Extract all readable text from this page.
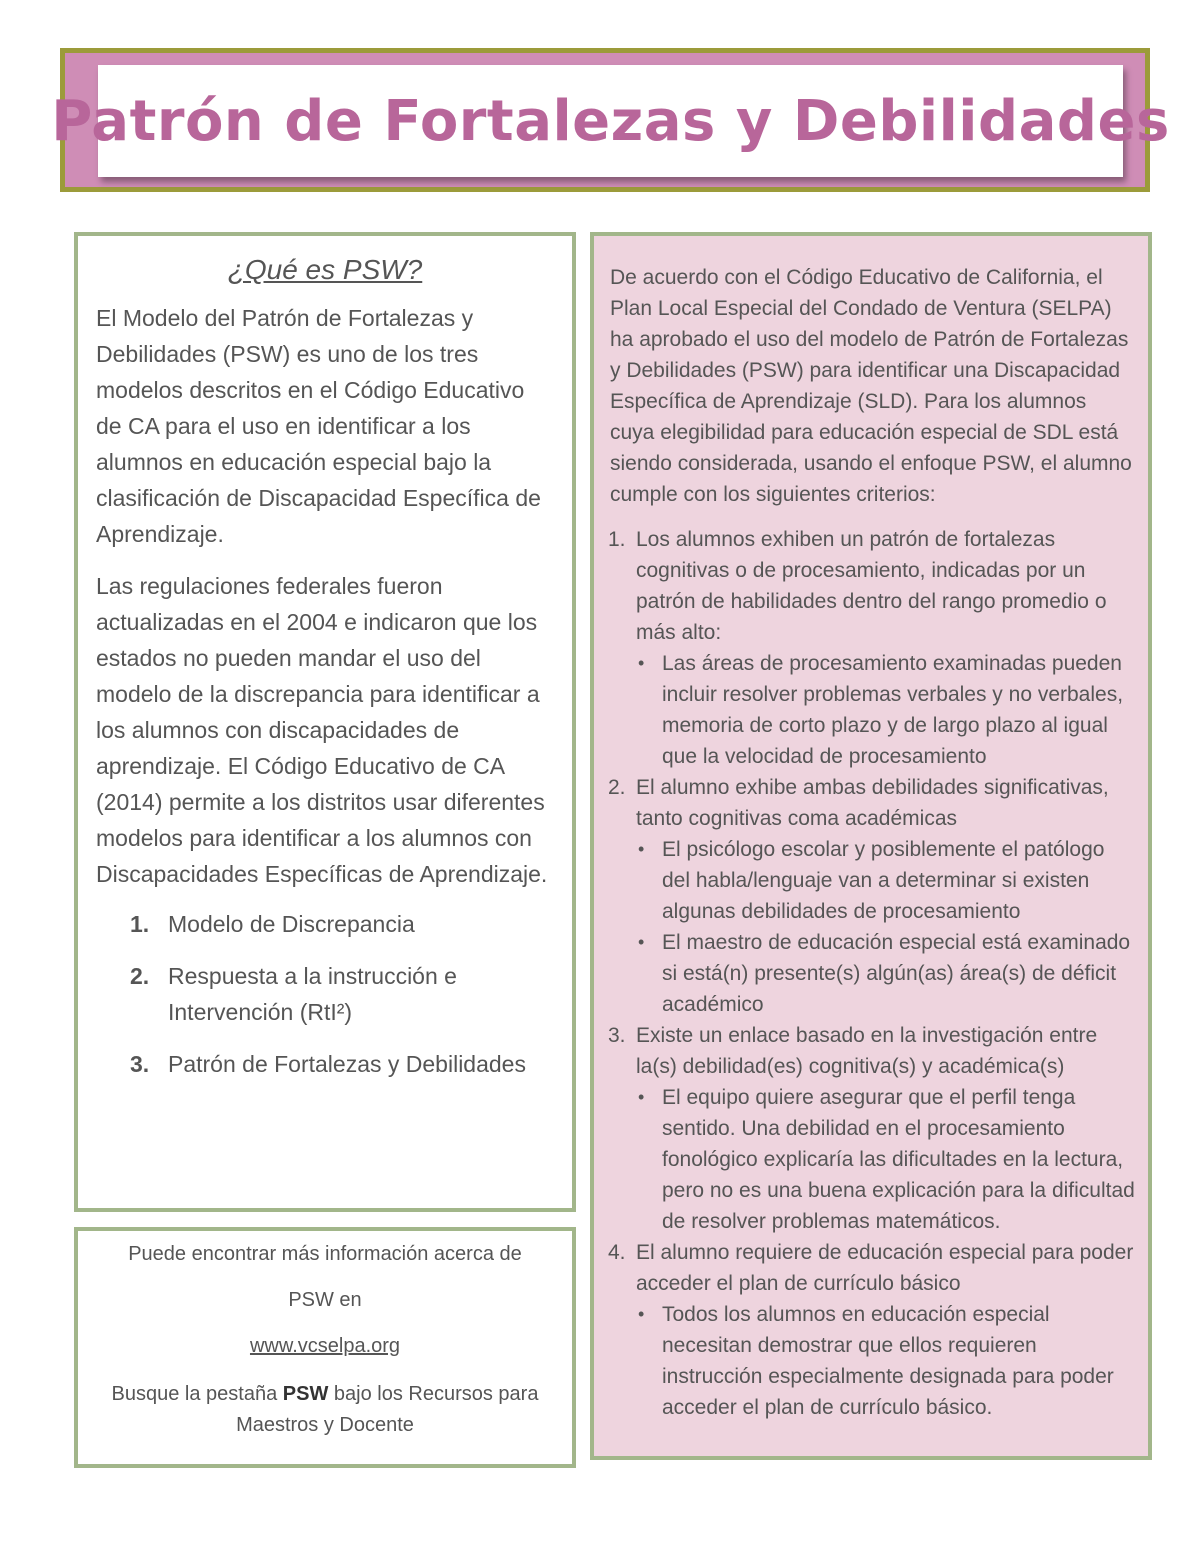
Patrón de Fortalezas y Debilidades
¿Qué es PSW?
El Modelo del Patrón de Fortalezas y Debilidades (PSW) es uno de los tres modelos descritos en el Código Educativo de CA para el uso en identificar a los alumnos en educación especial bajo la clasificación de Discapacidad Específica de Aprendizaje.
Las regulaciones federales fueron actualizadas en el 2004 e indicaron que los estados no pueden mandar el uso del modelo de la discrepancia para identificar a los alumnos con discapacidades de aprendizaje. El Código Educativo de CA (2014) permite a los distritos usar diferentes modelos para identificar a los alumnos con Discapacidades Específicas de Aprendizaje.
1. Modelo de Discrepancia
2. Respuesta a la instrucción e Intervención (RtI²)
3. Patrón de Fortalezas y Debilidades
Puede encontrar más información acerca de
PSW en
www.vcselpa.org
Busque la pestaña PSW bajo los Recursos para Maestros y Docente
De acuerdo con el Código Educativo de California, el Plan Local Especial del Condado de Ventura (SELPA) ha aprobado el uso del modelo de Patrón de Fortalezas y Debilidades (PSW) para identificar una Discapacidad Específica de Aprendizaje (SLD). Para los alumnos cuya elegibilidad para educación especial de SDL está siendo considerada, usando el enfoque PSW, el alumno cumple con los siguientes criterios:
1. Los alumnos exhiben un patrón de fortalezas cognitivas o de procesamiento, indicadas por un patrón de habilidades dentro del rango promedio o más alto:
• Las áreas de procesamiento examinadas pueden incluir resolver problemas verbales y no verbales, memoria de corto plazo y de largo plazo al igual que la velocidad de procesamiento
2. El alumno exhibe ambas debilidades significativas, tanto cognitivas coma académicas
• El psicólogo escolar y posiblemente el patólogo del habla/lenguaje van a determinar si existen algunas debilidades de procesamiento
• El maestro de educación especial está examinado si está(n) presente(s) algún(as) área(s) de déficit académico
3. Existe un enlace basado en la investigación entre la(s) debilidad(es) cognitiva(s) y académica(s)
• El equipo quiere asegurar que el perfil tenga sentido. Una debilidad en el procesamiento fonológico explicaría las dificultades en la lectura, pero no es una buena explicación para la dificultad de resolver problemas matemáticos.
4. El alumno requiere de educación especial para poder acceder el plan de currículo básico
• Todos los alumnos en educación especial necesitan demostrar que ellos requieren instrucción especialmente designada para poder acceder el plan de currículo básico.
